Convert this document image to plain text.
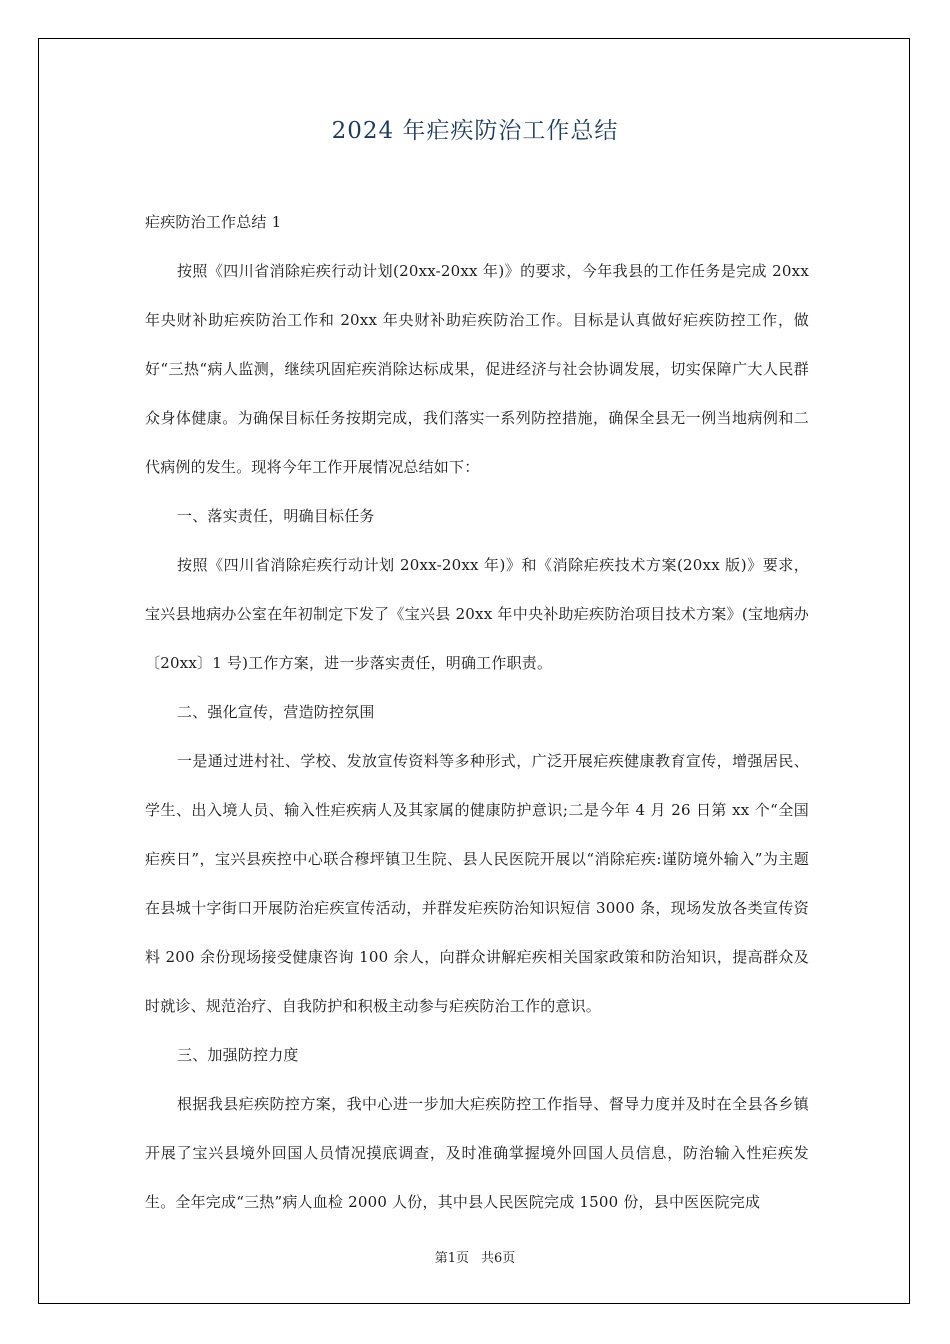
2024 年疟疾防治工作总结

疟疾防治工作总结 1

按照《四川省消除疟疾行动计划(20xx-20xx 年)》的要求，今年我县的工作任务是完成 20xx 年央财补助疟疾防治工作和 20xx 年央财补助疟疾防治工作。目标是认真做好疟疾防控工作，做好“三热“病人监测，继续巩固疟疾消除达标成果，促进经济与社会协调发展，切实保障广大人民群众身体健康。为确保目标任务按期完成，我们落实一系列防控措施，确保全县无一例当地病例和二代病例的发生。现将今年工作开展情况总结如下：

一、落实责任，明确目标任务

按照《四川省消除疟疾行动计划 20xx-20xx 年)》和《消除疟疾技术方案(20xx 版)》要求，宝兴县地病办公室在年初制定下发了《宝兴县 20xx 年中央补助疟疾防治项目技术方案》(宝地病办〔20xx〕1 号)工作方案，进一步落实责任，明确工作职责。

二、强化宣传，营造防控氛围

一是通过进村社、学校、发放宣传资料等多种形式，广泛开展疟疾健康教育宣传，增强居民、学生、出入境人员、输入性疟疾病人及其家属的健康防护意识;二是今年 4 月 26 日第 xx 个“全国疟疾日”，宝兴县疾控中心联合穆坪镇卫生院、县人民医院开展以“消除疟疾:谨防境外输入”为主题在县城十字街口开展防治疟疾宣传活动，并群发疟疾防治知识短信 3000 条，现场发放各类宣传资料 200 余份现场接受健康咨询 100 余人，向群众讲解疟疾相关国家政策和防治知识，提高群众及时就诊、规范治疗、自我防护和积极主动参与疟疾防治工作的意识。

三、加强防控力度

根据我县疟疾防控方案，我中心进一步加大疟疾防控工作指导、督导力度并及时在全县各乡镇开展了宝兴县境外回国人员情况摸底调查，及时准确掌握境外回国人员信息，防治输入性疟疾发生。全年完成“三热”病人血检 2000 人份，其中县人民医院完成 1500 份，县中医医院完成

第1页 共6页
